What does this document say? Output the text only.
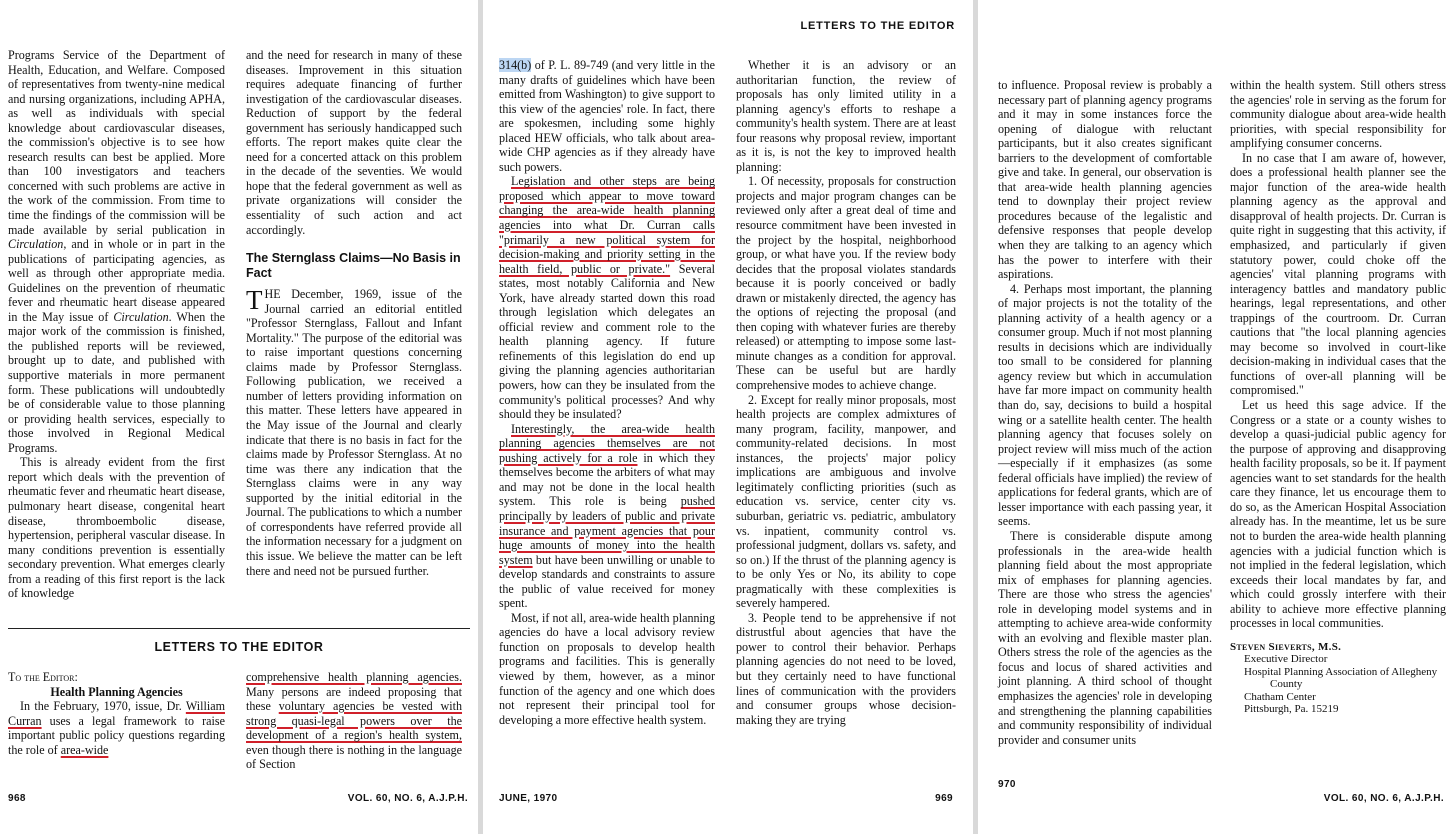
Programs Service of the Department of Health, Education, and Welfare. Composed of representatives from twenty-nine medical and nursing organizations, including APHA, as well as individuals with special knowledge about cardiovascular diseases, the commission's objective is to see how research results can best be applied. More than 100 investigators and teachers concerned with such problems are active in the work of the commission. From time to time the findings of the commission will be made available by serial publication in Circulation, and in whole or in part in the publications of participating agencies, as well as through other appropriate media. Guidelines on the prevention of rheumatic fever and rheumatic heart disease appeared in the May issue of Circulation. When the major work of the commission is finished, the published reports will be reviewed, brought up to date, and published with supportive materials in more permanent form. These publications will undoubtedly be of considerable value to those planning or providing health services, especially to those involved in Regional Medical Programs.

This is already evident from the first report which deals with the prevention of rheumatic fever and rheumatic heart disease, pulmonary heart disease, congenital heart disease, thromboembolic disease, hypertension, peripheral vascular disease. In many conditions prevention is essentially secondary prevention. What emerges clearly from a reading of this first report is the lack of knowledge

and the need for research in many of these diseases. Improvement in this situation requires adequate financing of further investigation of the cardiovascular diseases. Reduction of support by the federal government has seriously handicapped such efforts. The report makes quite clear the need for a concerted attack on this problem in the decade of the seventies. We would hope that the federal government as well as private organizations will consider the essentiality of such action and act accordingly.

The Sternglass Claims—No Basis in Fact

THE December, 1969, issue of the Journal carried an editorial entitled "Professor Sternglass, Fallout and Infant Mortality." The purpose of the editorial was to raise important questions concerning claims made by Professor Sternglass. Following publication, we received a number of letters providing information on this matter. These letters have appeared in the May issue of the Journal and clearly indicate that there is no basis in fact for the claims made by Professor Sternglass. At no time was there any indication that the Sternglass claims were in any way supported by the initial editorial in the Journal. The publications to which a number of correspondents have referred provide all the information necessary for a judgment on this issue. We believe the matter can be left there and need not be pursued further.

LETTERS TO THE EDITOR

To the Editor:

Health Planning Agencies

In the February, 1970, issue, Dr. William Curran uses a legal framework to raise important public policy questions regarding the role of area-wide

comprehensive health planning agencies. Many persons are indeed proposing that these voluntary agencies be vested with strong quasi-legal powers over the development of a region's health system, even though there is nothing in the language of Section

968	VOL. 60, NO. 6, A.J.P.H.
LETTERS TO THE EDITOR

314(b) of P. L. 89-749 (and very little in the many drafts of guidelines which have been emitted from Washington) to give support to this view of the agencies' role. In fact, there are spokesmen, including some highly placed HEW officials, who talk about area-wide CHP agencies as if they already have such powers.

Legislation and other steps are being proposed which appear to move toward changing the area-wide health planning agencies into what Dr. Curran calls "primarily a new political system for decision-making and priority setting in the health field, public or private." Several states, most notably California and New York, have already started down this road through legislation which delegates an official review and comment role to the health planning agency. If future refinements of this legislation do end up giving the planning agencies authoritarian powers, how can they be insulated from the community's political processes? And why should they be insulated?

Interestingly, the area-wide health planning agencies themselves are not pushing actively for a role in which they themselves become the arbiters of what may and may not be done in the local health system. This role is being pushed principally by leaders of public and private insurance and payment agencies that pour huge amounts of money into the health system but have been unwilling or unable to develop standards and constraints to assure the public of value received for money spent.

Most, if not all, area-wide health planning agencies do have a local advisory review function on proposals to develop health programs and facilities. This is generally viewed by them, however, as a minor function of the agency and one which does not represent their principal tool for developing a more effective health system.

Whether it is an advisory or an authoritarian function, the review of proposals has only limited utility in a planning agency's efforts to reshape a community's health system. There are at least four reasons why proposal review, important as it is, is not the key to improved health planning:

1. Of necessity, proposals for construction projects and major program changes can be reviewed only after a great deal of time and resource commitment have been invested in the project by the hospital, neighborhood group, or what have you. If the review body decides that the proposal violates standards because it is poorly conceived or badly drawn or mistakenly directed, the agency has the options of rejecting the proposal (and then coping with whatever furies are thereby released) or attempting to impose some last-minute changes as a condition for approval. These can be useful but are hardly comprehensive modes to achieve change.

2. Except for really minor proposals, most health projects are complex admixtures of many program, facility, manpower, and community-related decisions. In most instances, the projects' major policy implications are ambiguous and involve legitimately conflicting priorities (such as education vs. service, center city vs. suburban, geriatric vs. pediatric, ambulatory vs. inpatient, community control vs. professional judgment, dollars vs. safety, and so on.) If the thrust of the planning agency is to be only Yes or No, its ability to cope pragmatically with these complexities is severely hampered.

3. People tend to be apprehensive if not distrustful about agencies that have the power to control their behavior. Perhaps planning agencies do not need to be loved, but they certainly need to have functional lines of communication with the providers and consumer groups whose decision-making they are trying

JUNE, 1970	969

to influence. Proposal review is probably a necessary part of planning agency programs and it may in some instances force the opening of dialogue with reluctant participants, but it also creates significant barriers to the development of comfortable give and take. In general, our observation is that area-wide health planning agencies tend to downplay their project review procedures because of the legalistic and defensive responses that people develop when they are talking to an agency which has the power to interfere with their aspirations.

4. Perhaps most important, the planning of major projects is not the totality of the planning activity of a health agency or a consumer group. Much if not most planning results in decisions which are individually too small to be considered for planning agency review but which in accumulation have far more impact on community health than do, say, decisions to build a hospital wing or a satellite health center. The health planning agency that focuses solely on project review will miss much of the action—especially if it emphasizes (as some federal officials have implied) the review of applications for federal grants, which are of lesser importance with each passing year, it seems.

There is considerable dispute among professionals in the area-wide health planning field about the most appropriate mix of emphases for planning agencies. There are those who stress the agencies' role in developing model systems and in attempting to achieve area-wide conformity with an evolving and flexible master plan. Others stress the role of the agencies as the focus and locus of shared activities and joint planning. A third school of thought emphasizes the agencies' role in developing and strengthening the planning capabilities and community responsibility of individual provider and consumer units

within the health system. Still others stress the agencies' role in serving as the forum for community dialogue about area-wide health priorities, with special responsibility for amplifying consumer concerns.

In no case that I am aware of, however, does a professional health planner see the major function of the area-wide health planning agency as the approval and disapproval of health projects. Dr. Curran is quite right in suggesting that this activity, if emphasized, and particularly if given statutory power, could choke off the agencies' vital planning programs with interagency battles and mandatory public hearings, legal representations, and other trappings of the courtroom. Dr. Curran cautions that "the local planning agencies may become so involved in court-like decision-making in individual cases that the functions of over-all planning will be compromised."

Let us heed this sage advice. If the Congress or a state or a county wishes to develop a quasi-judicial public agency for the purpose of approving and disapproving health facility proposals, so be it. If payment agencies want to set standards for the health care they finance, let us encourage them to do so, as the American Hospital Association already has. In the meantime, let us be sure not to burden the area-wide health planning agencies with a judicial function which is not implied in the federal legislation, which exceeds their local mandates by far, and which could grossly interfere with their ability to achieve more effective planning processes in local communities.

Steven Sieverts, M.S.
Executive Director
Hospital Planning Association of Allegheny
County
Chatham Center
Pittsburgh, Pa. 15219
970
VOL. 60, NO. 6, A.J.P.H.
